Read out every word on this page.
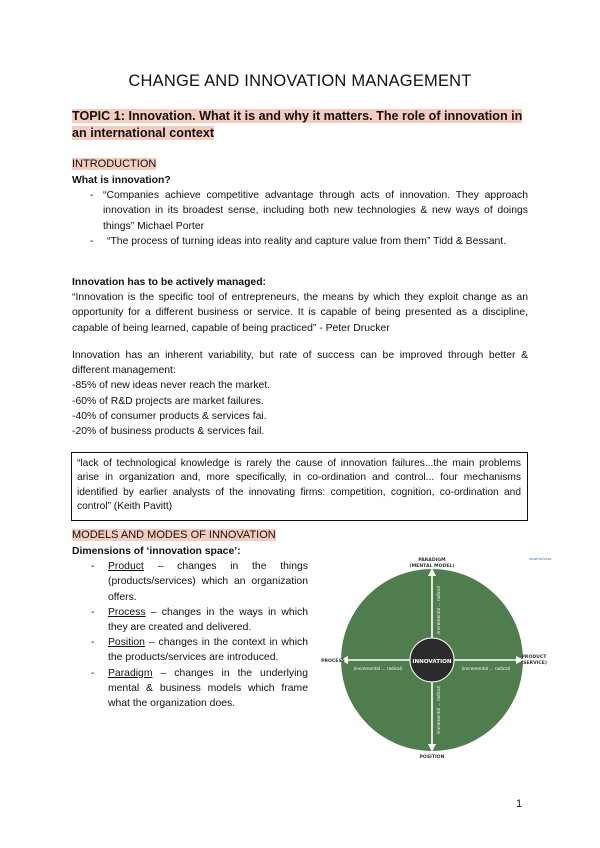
CHANGE AND INNOVATION MANAGEMENT
TOPIC 1: Innovation. What it is and why it matters. The role of innovation in an international context
INTRODUCTION
What is innovation?
- “Companies achieve competitive advantage through acts of innovation. They approach innovation in its broadest sense, including both new technologies & new ways of doings things” Michael Porter
- “The process of turning ideas into reality and capture value from them” Tidd & Bessant.
Innovation has to be actively managed:
“Innovation is the specific tool of entrepreneurs, the means by which they exploit change as an opportunity for a different business or service. It is capable of being presented as a discipline, capable of being learned, capable of being practiced” - Peter Drucker
Innovation has an inherent variability, but rate of success can be improved through better & different management:
-85% of new ideas never reach the market.
-60% of R&D projects are market failures.
-40% of consumer products & services fai.
-20% of business products & services fail.
“lack of technological knowledge is rarely the cause of innovation failures...the main problems arise in organization and, more specifically, in co-ordination and control... four mechanisms identified by earlier analysts of the innovating firms: competition, cognition, co-ordination and control” (Keith Pavitt)
MODELS AND MODES OF INNOVATION
Dimensions of ‘innovation space’:
- Product – changes in the things (products/services) which an organization offers.
- Process – changes in the ways in which they are created and delivered.
- Position – changes in the context in which the products/services are introduced.
- Paradigm – changes in the underlying mental & business models which frame what the organization does.
INNOVATION
PARADIGM
(MENTAL MODEL)
PROCESS
PRODUCT
(SERVICE)
POSITION
(incremental ... radical)	(incremental ... radical)
(incremental ... radical)
(incremental ... radical)
IncomeClass
1
